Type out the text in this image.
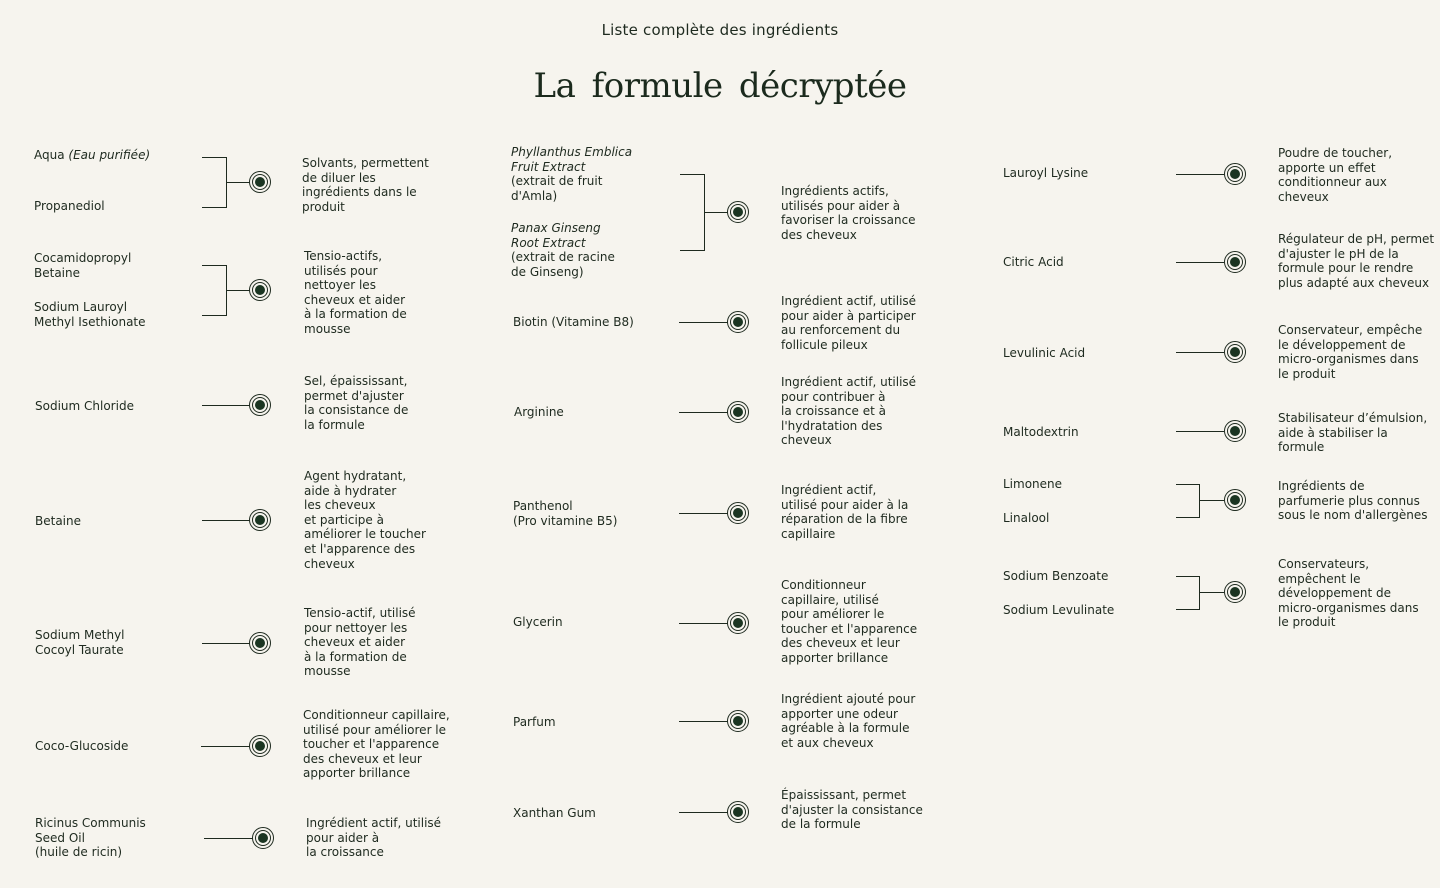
Liste complète des ingrédients
La formule décryptée
Aqua (Eau purifiée)
Propanediol
Solvants, permettent
de diluer les
ingrédients dans le
produit
Cocamidopropyl
Betaine
Sodium Lauroyl
Methyl Isethionate
Tensio-actifs,
utilisés pour
nettoyer les
cheveux et aider
à la formation de
mousse
Sodium Chloride
Sel, épaississant,
permet d'ajuster
la consistance de
la formule
Betaine
Agent hydratant,
aide à hydrater
les cheveux
et participe à
améliorer le toucher
et l'apparence des
cheveux
Sodium Methyl
Cocoyl Taurate
Tensio-actif, utilisé
pour nettoyer les
cheveux et aider
à la formation de
mousse
Coco-Glucoside
Conditionneur capillaire,
utilisé pour améliorer le
toucher et l'apparence
des cheveux et leur
apporter brillance
Ricinus Communis
Seed Oil
(huile de ricin)
Ingrédient actif, utilisé
pour aider à
la croissance
Phyllanthus Emblica
Fruit Extract
(extrait de fruit
d'Amla)
Panax Ginseng
Root Extract
(extrait de racine
de Ginseng)
Ingrédients actifs,
utilisés pour aider à
favoriser la croissance
des cheveux
Biotin (Vitamine B8)
Ingrédient actif, utilisé
pour aider à participer
au renforcement du
follicule pileux
Arginine
Ingrédient actif, utilisé
pour contribuer à
la croissance et à
l'hydratation des
cheveux
Panthenol
(Pro vitamine B5)
Ingrédient actif,
utilisé pour aider à la
réparation de la fibre
capillaire
Glycerin
Conditionneur
capillaire, utilisé
pour améliorer le
toucher et l'apparence
des cheveux et leur
apporter brillance
Parfum
Ingrédient ajouté pour
apporter une odeur
agréable à la formule
et aux cheveux
Xanthan Gum
Épaississant, permet
d'ajuster la consistance
de la formule
Lauroyl Lysine
Poudre de toucher,
apporte un effet
conditionneur aux
cheveux
Citric Acid
Régulateur de pH, permet
d'ajuster le pH de la
formule pour le rendre
plus adapté aux cheveux
Levulinic Acid
Conservateur, empêche
le développement de
micro-organismes dans
le produit
Maltodextrin
Stabilisateur d’émulsion,
aide à stabiliser la
formule
Limonene
Linalool
Ingrédients de
parfumerie plus connus
sous le nom d'allergènes
Sodium Benzoate
Sodium Levulinate
Conservateurs,
empêchent le
développement de
micro-organismes dans
le produit
